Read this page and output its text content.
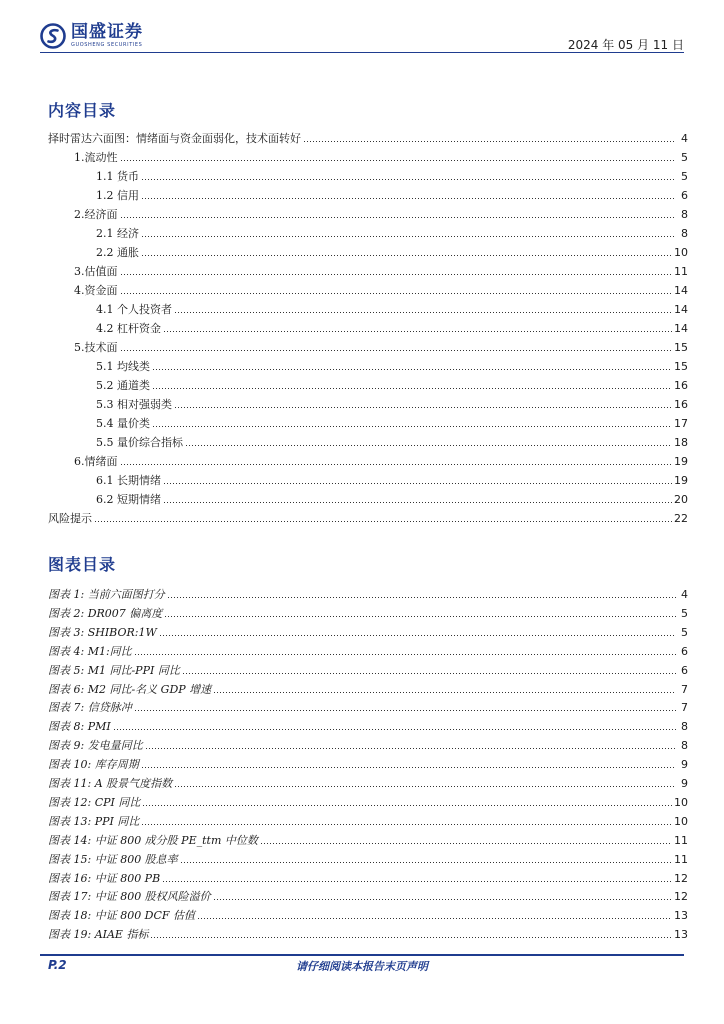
国盛证券
GUOSHENG SECURITIES	2024 年 05 月 11 日
内容目录
择时雷达六面图：情绪面与资金面弱化，技术面转好	4
1.流动性	5
1.1 货币	5
1.2 信用	6
2.经济面	8
2.1 经济	8
2.2 通胀	10
3.估值面	11
4.资金面	14
4.1 个人投资者	14
4.2 杠杆资金	14
5.技术面	15
5.1 均线类	15
5.2 通道类	16
5.3 相对强弱类	16
5.4 量价类	17
5.5 量价综合指标	18
6.情绪面	19
6.1 长期情绪	19
6.2 短期情绪	20
风险提示	22
图表目录
图表 1: 当前六面图打分	4
图表 2: DR007 偏离度	5
图表 3: SHIBOR:1W	5
图表 4: M1:同比	6
图表 5: M1 同比-PPI 同比	6
图表 6: M2 同比-名义 GDP 增速	7
图表 7: 信贷脉冲	7
图表 8: PMI	8
图表 9: 发电量同比	8
图表 10: 库存周期	9
图表 11: A 股景气度指数	9
图表 12: CPI 同比	10
图表 13: PPI 同比	10
图表 14: 中证 800 成分股 PE_ttm 中位数	11
图表 15: 中证 800 股息率	11
图表 16: 中证 800 PB	12
图表 17: 中证 800 股权风险溢价	12
图表 18: 中证 800 DCF 估值	13
图表 19: AIAE 指标	13
P.2	请仔细阅读本报告末页声明
